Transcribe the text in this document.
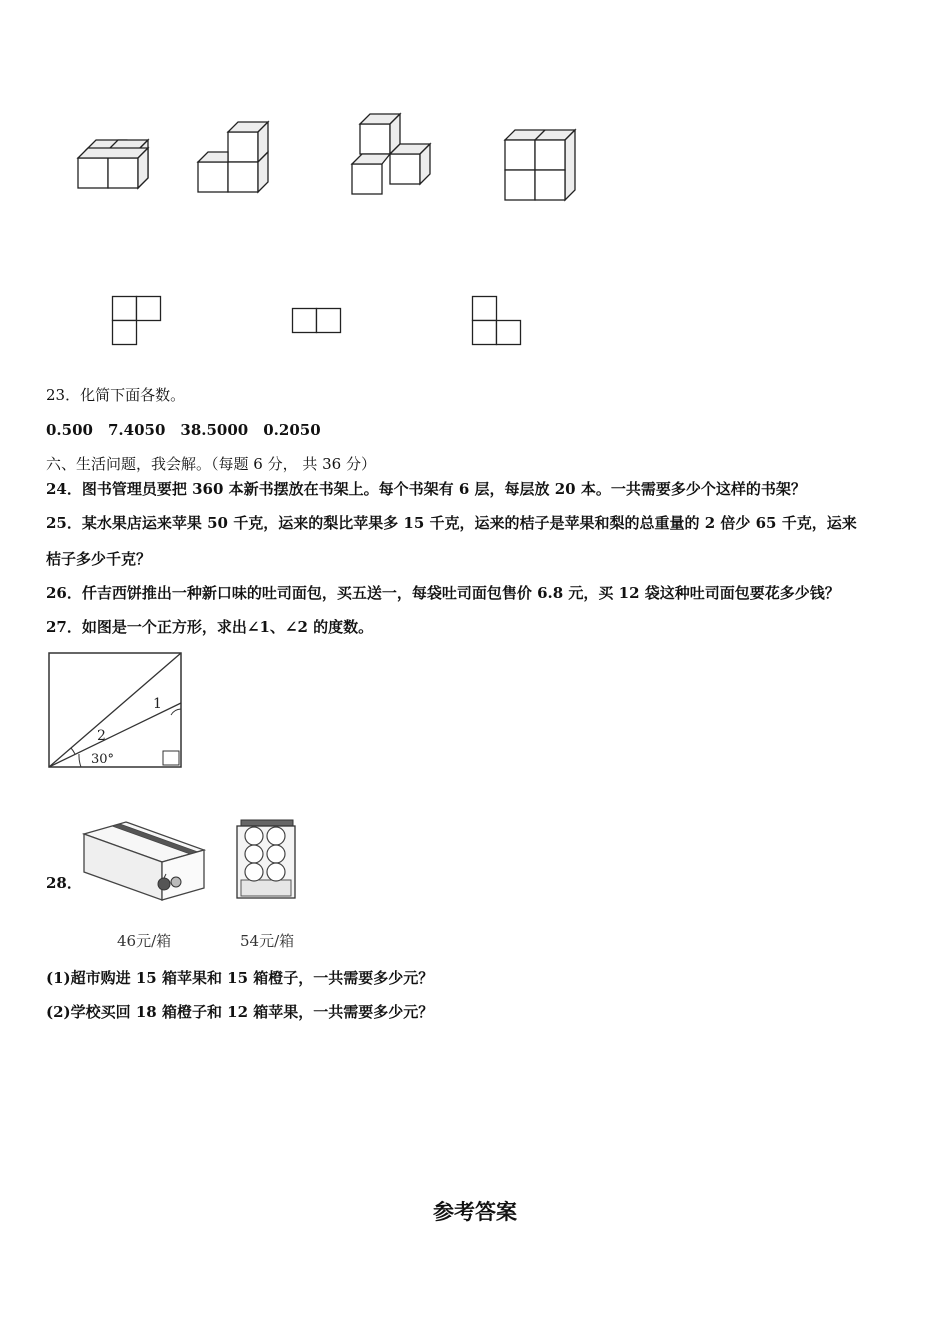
23．化简下面各数。
0.500　7.4050　38.5000　0.2050
六、生活问题，我会解。（每题 6 分， 共 36 分）
24．图书管理员要把 360 本新书摆放在书架上。每个书架有 6 层，每层放 20 本。一共需要多少个这样的书架？
25．某水果店运来苹果 50 千克，运来的梨比苹果多 15 千克，运来的桔子是苹果和梨的总重量的 2 倍少 65 千克，运来
桔子多少千克？
26．仟吉西饼推出一种新口味的吐司面包，买五送一，每袋吐司面包售价 6.8 元，买 12 袋这种吐司面包要花多少钱？
27．如图是一个正方形，求出∠1、∠2 的度数。
1
2
30°
28．
46元/箱	54元/箱
(1)超市购进 15 箱苹果和 15 箱橙子，一共需要多少元？
(2)学校买回 18 箱橙子和 12 箱苹果，一共需要多少元？
参考答案
